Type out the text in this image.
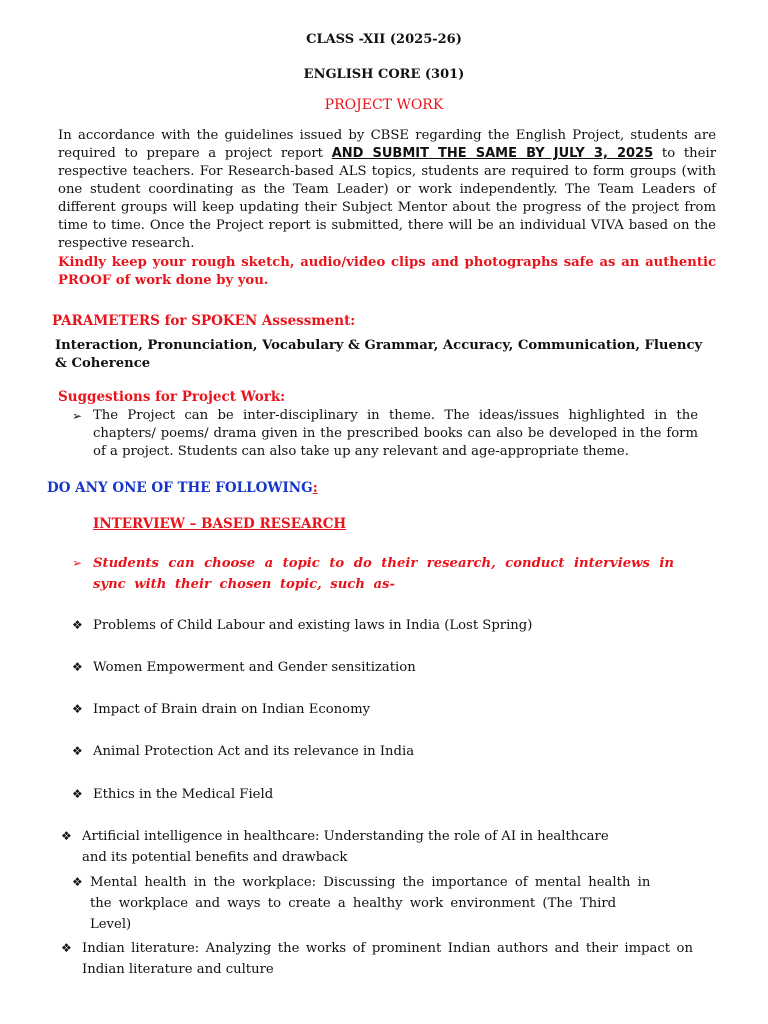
CLASS -XII (2025-26)
ENGLISH CORE (301)
PROJECT WORK
In accordance with the guidelines issued by CBSE regarding the English Project, students are required to prepare a project report AND SUBMIT THE SAME BY JULY 3, 2025 to their respective teachers. For Research-based ALS topics, students are required to form groups (with one student coordinating as the Team Leader) or work independently. The Team Leaders of different groups will keep updating their Subject Mentor about the progress of the project from time to time. Once the Project report is submitted, there will be an individual VIVA based on the respective research.
Kindly keep your rough sketch, audio/video clips and photographs safe as an authentic PROOF of work done by you.
PARAMETERS for SPOKEN Assessment:
Interaction, Pronunciation, Vocabulary & Grammar, Accuracy, Communication, Fluency & Coherence
Suggestions for Project Work:
➢ The Project can be inter-disciplinary in theme. The ideas/issues highlighted in the chapters/ poems/ drama given in the prescribed books can also be developed in the form of a project. Students can also take up any relevant and age-appropriate theme.
DO ANY ONE OF THE FOLLOWING:
INTERVIEW – BASED RESEARCH
➢ Students can choose a topic to do their research, conduct interviews in sync with their chosen topic, such as-
❖ Problems of Child Labour and existing laws in India (Lost Spring)
❖ Women Empowerment and Gender sensitization
❖ Impact of Brain drain on Indian Economy
❖ Animal Protection Act and its relevance in India
❖ Ethics in the Medical Field
❖ Artificial intelligence in healthcare: Understanding the role of AI in healthcare and its potential benefits and drawback
❖ Mental health in the workplace: Discussing the importance of mental health in the workplace and ways to create a healthy work environment (The Third Level)
❖ Indian literature: Analyzing the works of prominent Indian authors and their impact on Indian literature and culture
